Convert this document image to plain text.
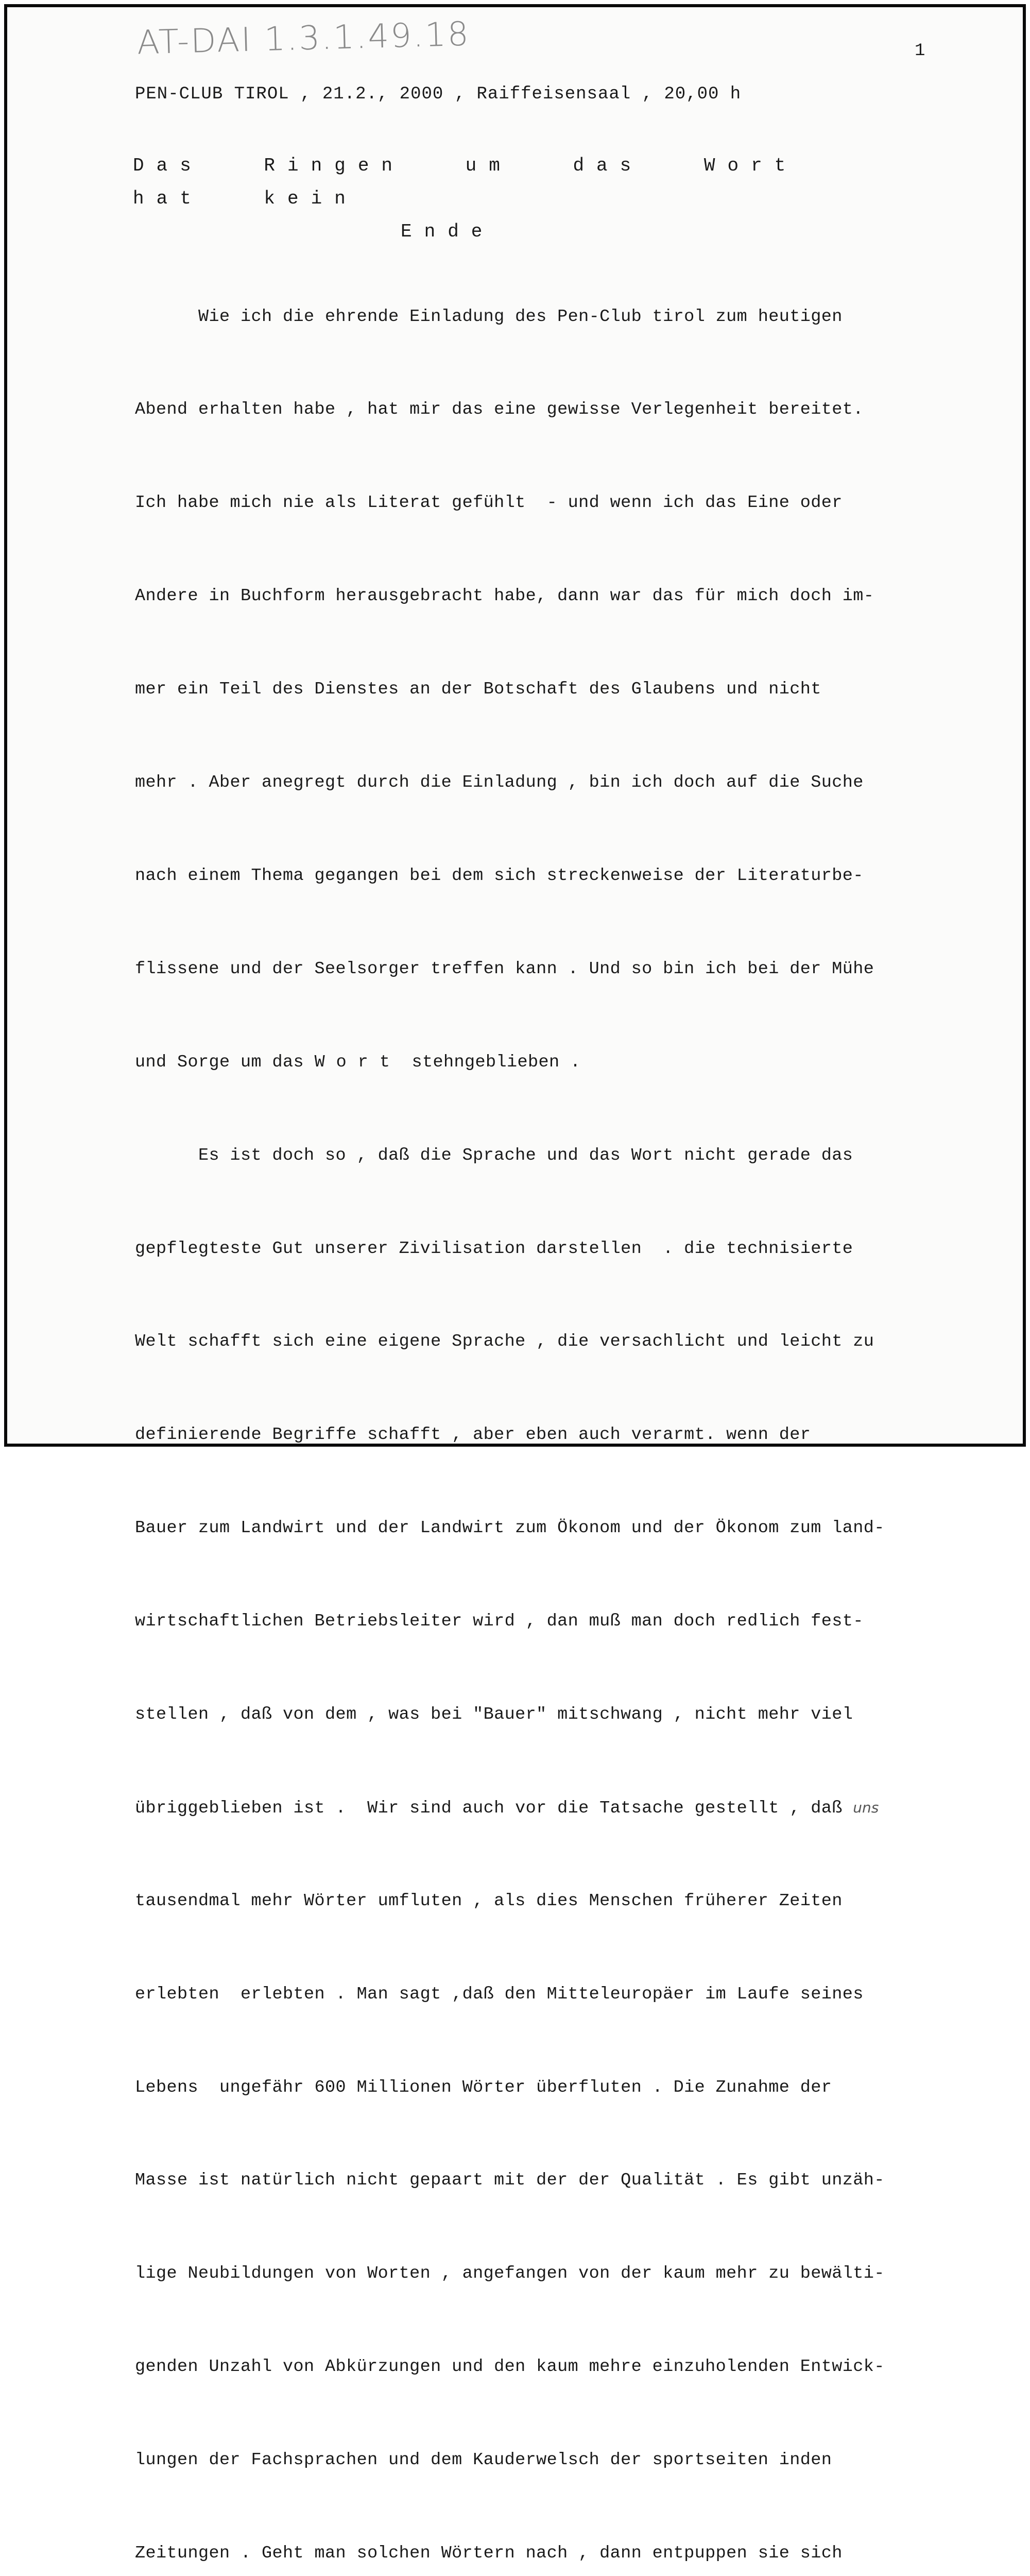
AT-DAI 1.3.1.49.18	1
PEN-CLUB TIROL , 21.2., 2000 , Raiffeisensaal , 20,00 h
Das Ringen um das Wort hat kein
Ende

Wie ich die ehrende Einladung des Pen-Club tirol zum heutigen

Abend erhalten habe , hat mir das eine gewisse Verlegenheit bereitet.

Ich habe mich nie als Literat gefühlt  - und wenn ich das Eine oder

Andere in Buchform herausgebracht habe, dann war das für mich doch im-

mer ein Teil des Dienstes an der Botschaft des Glaubens und nicht

mehr . Aber anegregt durch die Einladung , bin ich doch auf die Suche

nach einem Thema gegangen bei dem sich streckenweise der Literaturbe-

flissene und der Seelsorger treffen kann . Und so bin ich bei der Mühe

und Sorge um das Wort stehngeblieben .

Es ist doch so , daß die Sprache und das Wort nicht gerade das

gepflegteste Gut unserer Zivilisation darstellen  . die technisierte

Welt schafft sich eine eigene Sprache , die versachlicht und leicht zu

definierende Begriffe schafft , aber eben auch verarmt. wenn der

Bauer zum Landwirt und der Landwirt zum Ökonom und der Ökonom zum land-

wirtschaftlichen Betriebsleiter wird , dan muß man doch redlich fest-

stellen , daß von dem , was bei "Bauer" mitschwang , nicht mehr viel

übriggeblieben ist .  Wir sind auch vor die Tatsache gestellt , daß uns

tausendmal mehr Wörter umfluten , als dies Menschen früherer Zeiten

erlebten  erlebten . Man sagt ,daß den Mitteleuropäer im Laufe seines

Lebens  ungefähr 600 Millionen Wörter überfluten . Die Zunahme der

Masse ist natürlich nicht gepaart mit der der Qualität . Es gibt unzäh-

lige Neubildungen von Worten , angefangen von der kaum mehr zu bewälti-

genden Unzahl von Abkürzungen und den kaum mehre einzuholenden Entwick-

lungen der Fachsprachen und dem Kauderwelsch der sportseiten inden

Zeitungen . Geht man solchen Wörtern nach , dann entpuppen sie sich
